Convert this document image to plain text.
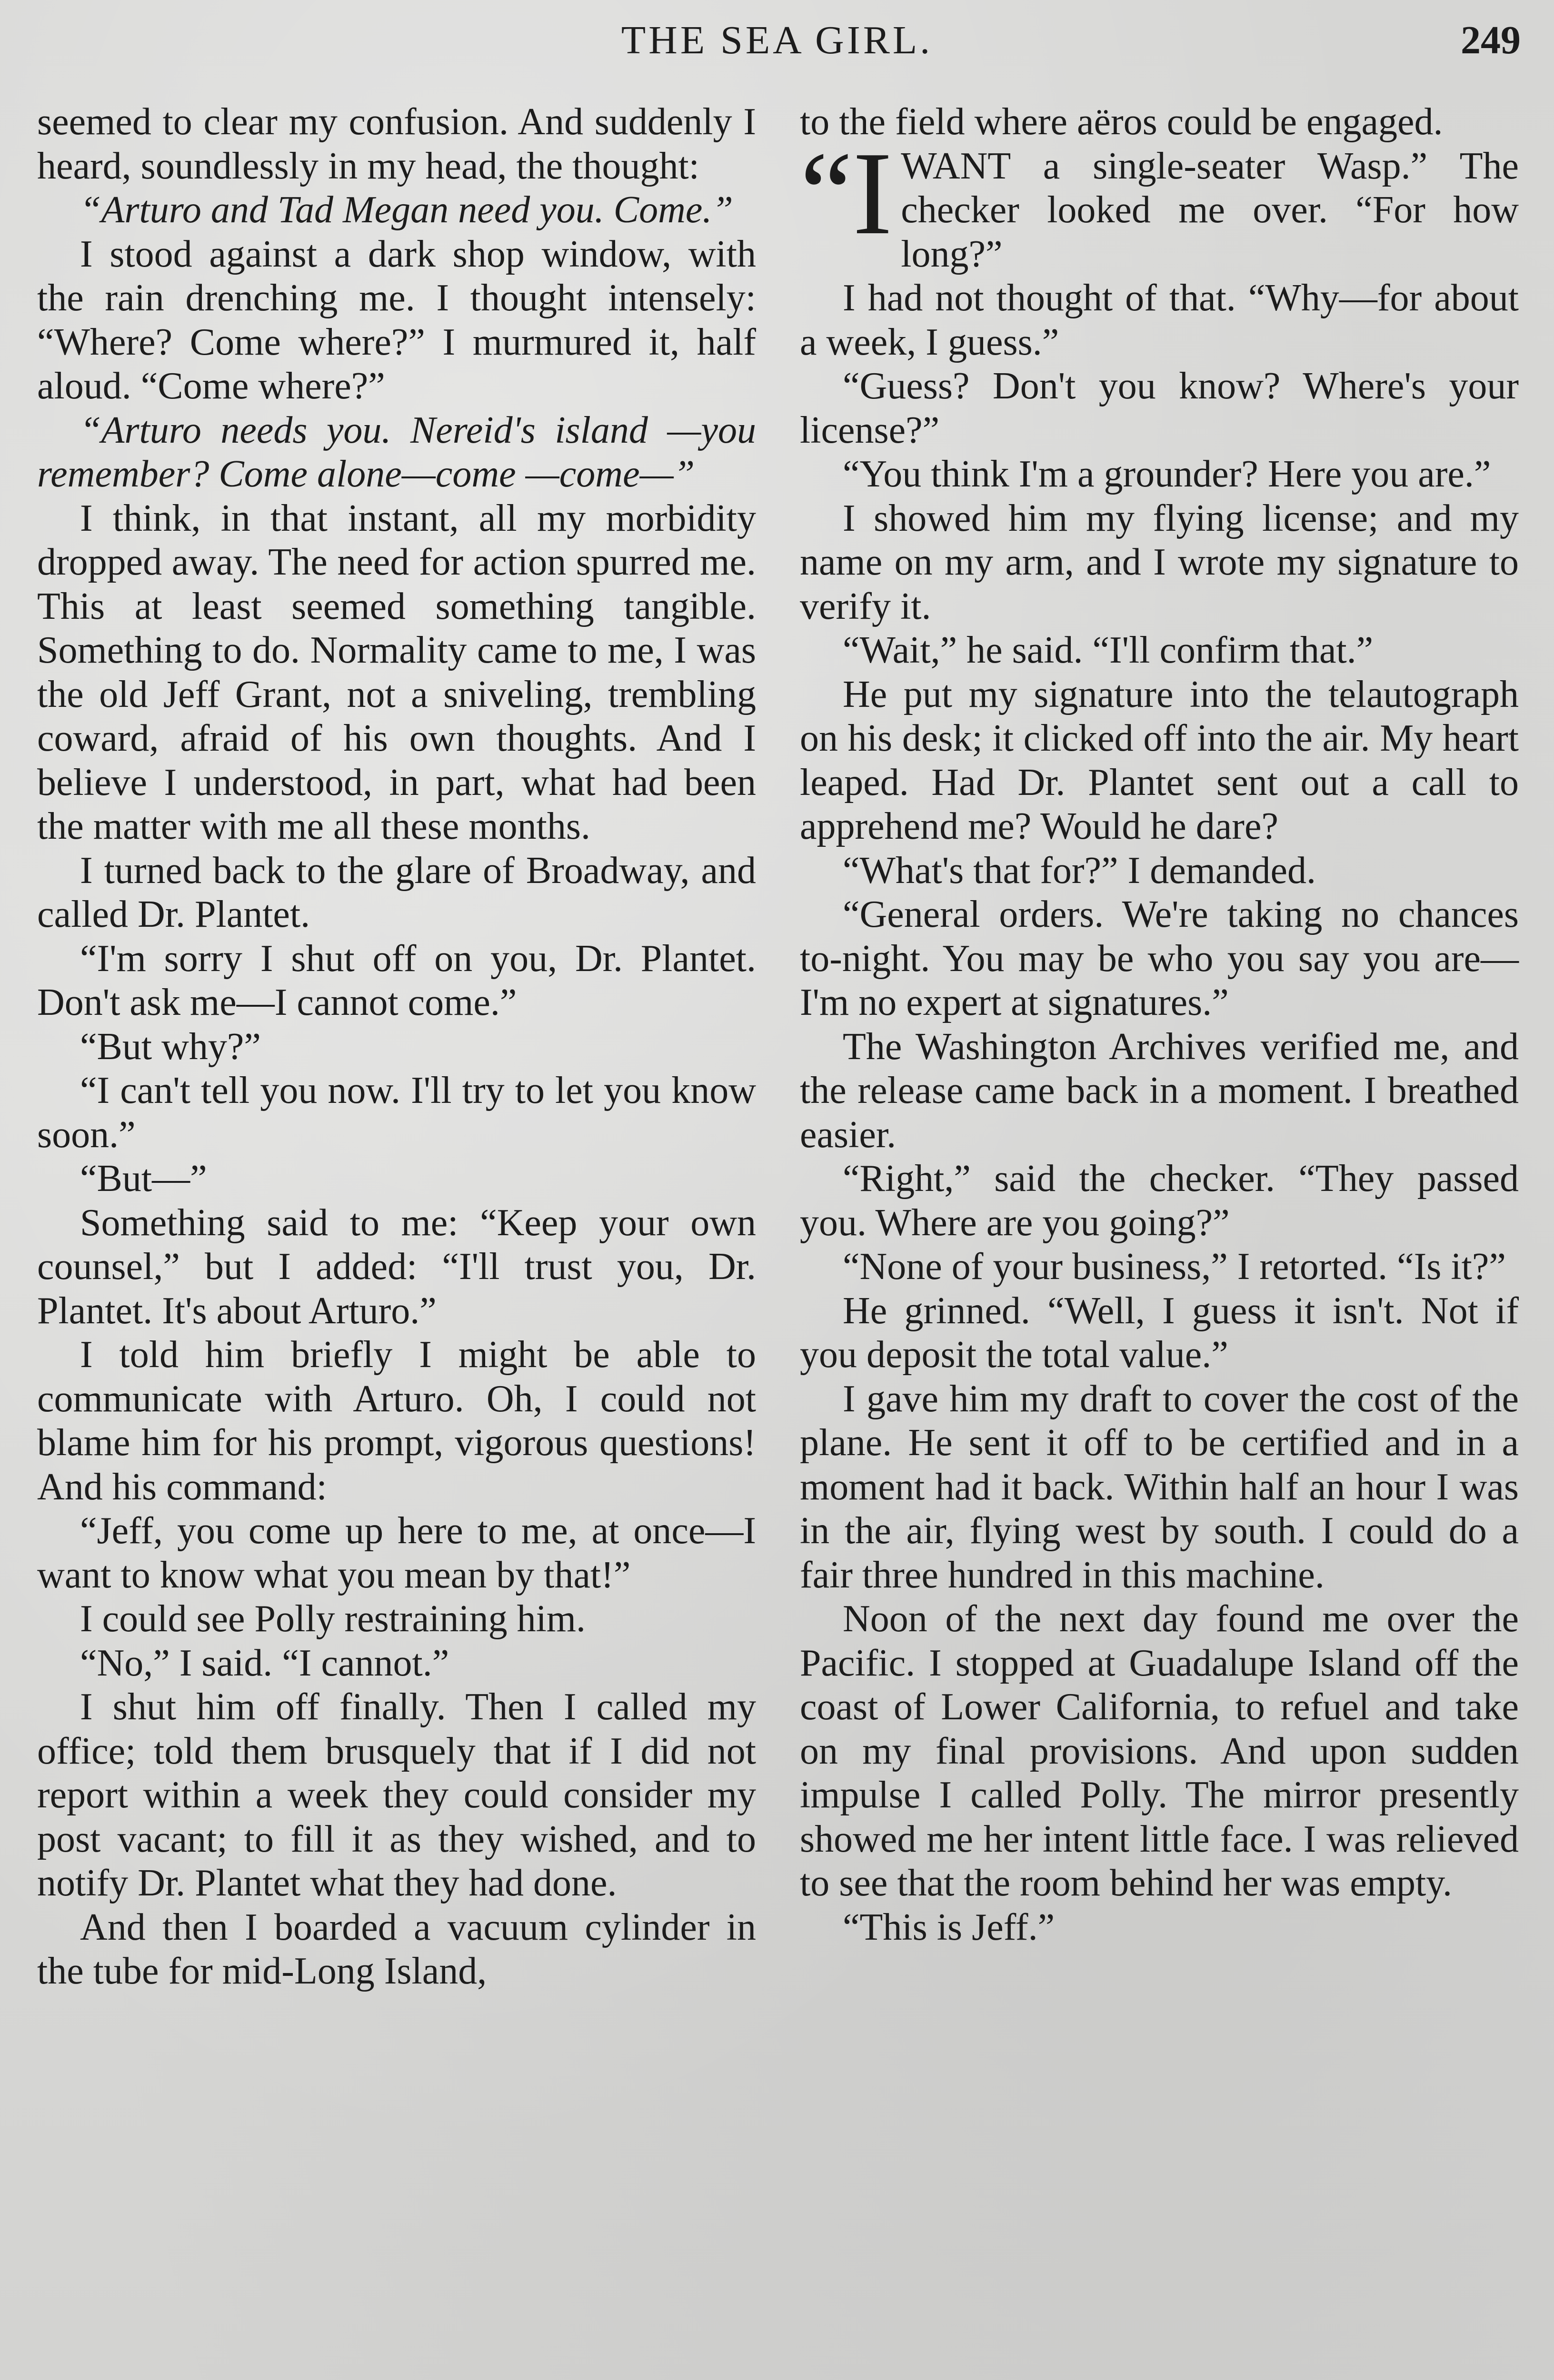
THE SEA GIRL.	249

seemed to clear my confusion. And suddenly I heard, soundlessly in my head, the thought:

“Arturo and Tad Megan need you. Come.”

I stood against a dark shop window, with the rain drenching me. I thought intensely: “Where? Come where?” I murmured it, half aloud. “Come where?”

“Arturo needs you. Nereid's island —you remember? Come alone—come —come—”

I think, in that instant, all my morbidity dropped away. The need for action spurred me. This at least seemed something tangible. Something to do. Normality came to me, I was the old Jeff Grant, not a sniveling, trembling coward, afraid of his own thoughts. And I believe I understood, in part, what had been the matter with me all these months.

I turned back to the glare of Broadway, and called Dr. Plantet.

“I'm sorry I shut off on you, Dr. Plantet. Don't ask me—I cannot come.”

“But why?”

“I can't tell you now. I'll try to let you know soon.”

“But—”

Something said to me: “Keep your own counsel,” but I added: “I'll trust you, Dr. Plantet. It's about Arturo.”

I told him briefly I might be able to communicate with Arturo. Oh, I could not blame him for his prompt, vigorous questions! And his command:

“Jeff, you come up here to me, at once—I want to know what you mean by that!”

I could see Polly restraining him.

“No,” I said. “I cannot.”

I shut him off finally. Then I called my office; told them brusquely that if I did not report within a week they could consider my post vacant; to fill it as they wished, and to notify Dr. Plantet what they had done.

And then I boarded a vacuum cylinder in the tube for mid-Long Island,

to the field where aëros could be engaged.

“IWANT a single-seater Wasp.” The checker looked me over. “For how long?”

I had not thought of that. “Why—for about a week, I guess.”

“Guess? Don't you know? Where's your license?”

“You think I'm a grounder? Here you are.”

I showed him my flying license; and my name on my arm, and I wrote my signature to verify it.

“Wait,” he said. “I'll confirm that.”

He put my signature into the telautograph on his desk; it clicked off into the air. My heart leaped. Had Dr. Plantet sent out a call to apprehend me? Would he dare?

“What's that for?” I demanded.

“General orders. We're taking no chances to-night. You may be who you say you are—I'm no expert at signatures.”

The Washington Archives verified me, and the release came back in a moment. I breathed easier.

“Right,” said the checker. “They passed you. Where are you going?”

“None of your business,” I retorted. “Is it?”

He grinned. “Well, I guess it isn't. Not if you deposit the total value.”

I gave him my draft to cover the cost of the plane. He sent it off to be certified and in a moment had it back. Within half an hour I was in the air, flying west by south. I could do a fair three hundred in this machine.

Noon of the next day found me over the Pacific. I stopped at Guadalupe Island off the coast of Lower California, to refuel and take on my final provisions. And upon sudden impulse I called Polly. The mirror presently showed me her intent little face. I was relieved to see that the room behind her was empty.

“This is Jeff.”
